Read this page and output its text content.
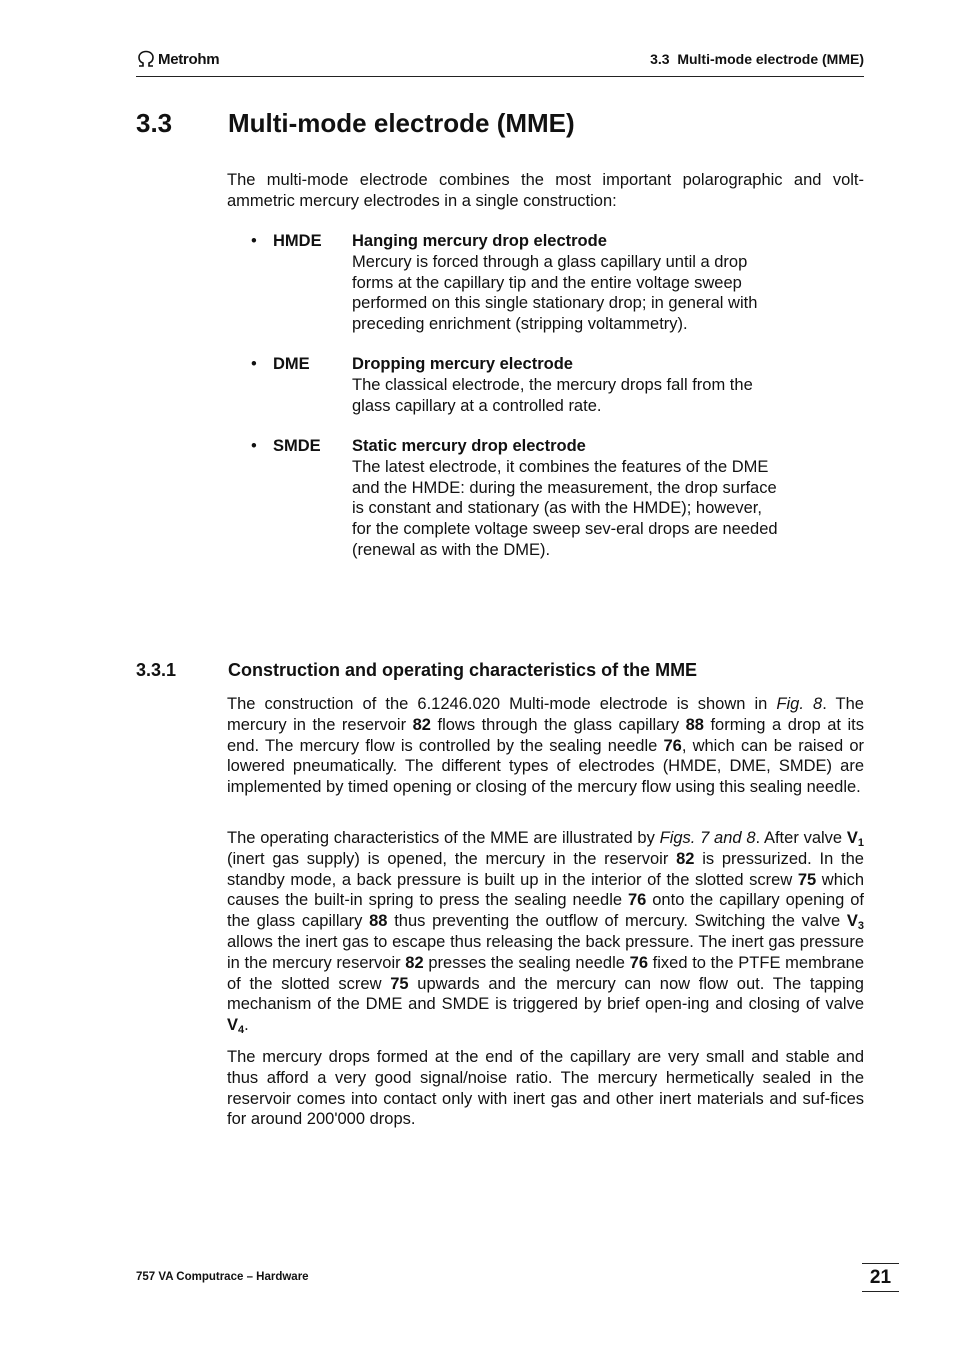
Metrohm	3.3  Multi-mode electrode (MME)
3.3 Multi-mode electrode (MME)
The multi-mode electrode combines the most important polarographic and volt-ammetric mercury electrodes in a single construction:
• HMDE Hanging mercury drop electrode
Mercury is forced through a glass capillary until a drop forms at the capillary tip and the entire voltage sweep performed on this single stationary drop; in general with preceding enrichment (stripping voltammetry).
• DME	Dropping mercury electrode
The classical electrode, the mercury drops fall from the glass capillary at a controlled rate.
• SMDE Static mercury drop electrode
The latest electrode, it combines the features of the DME and the HMDE: during the measurement, the drop surface is constant and stationary (as with the HMDE); however, for the complete voltage sweep sev-eral drops are needed (renewal as with the DME).
3.3.1	Construction and operating characteristics of the MME
The construction of the 6.1246.020 Multi-mode electrode is shown in Fig. 8. The mercury in the reservoir 82 flows through the glass capillary 88 forming a drop at its end. The mercury flow is controlled by the sealing needle 76, which can be raised or lowered pneumatically. The different types of electrodes (HMDE, DME, SMDE) are implemented by timed opening or closing of the mercury flow using this sealing needle.
The operating characteristics of the MME are illustrated by Figs. 7 and 8. After valve $V_1$ (inert gas supply) is opened, the mercury in the reservoir 82 is pressurized. In the standby mode, a back pressure is built up in the interior of the slotted screw 75 which causes the built-in spring to press the sealing needle 76 onto the capillary opening of the glass capillary 88 thus preventing the outflow of mercury. Switching the valve $V_3$ allows the inert gas to escape thus releasing the back pressure. The inert gas pressure in the mercury reservoir 82 presses the sealing needle 76 fixed to the PTFE membrane of the slotted screw 75 upwards and the mercury can now flow out. The tapping mechanism of the DME and SMDE is triggered by brief open-ing and closing of valve $V_4$.
The mercury drops formed at the end of the capillary are very small and stable and thus afford a very good signal/noise ratio. The mercury hermetically sealed in the reservoir comes into contact only with inert gas and other inert materials and suf-fices for around 200'000 drops.
757 VA Computrace – Hardware	21
